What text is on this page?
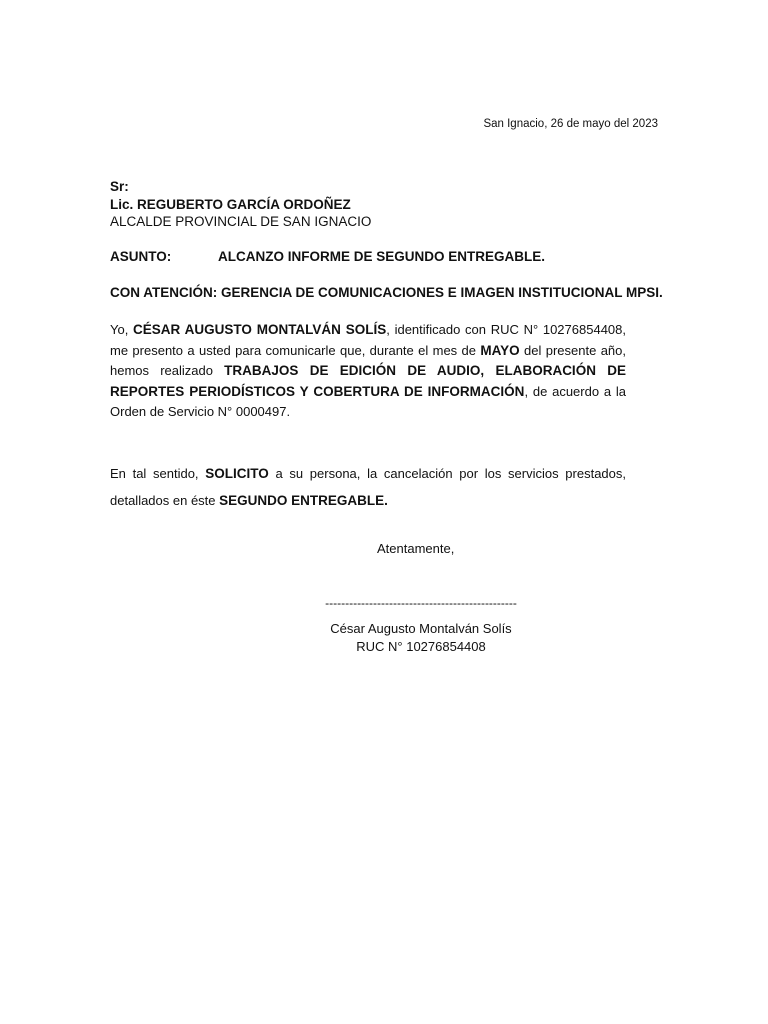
San Ignacio, 26 de mayo del 2023
Sr:
Lic. REGUBERTO GARCÍA ORDOÑEZ
ALCALDE PROVINCIAL DE SAN IGNACIO
ASUNTO:	ALCANZO INFORME DE SEGUNDO ENTREGABLE.
CON ATENCIÓN: GERENCIA DE COMUNICACIONES E IMAGEN INSTITUCIONAL MPSI.

Yo, CÉSAR AUGUSTO MONTALVÁN SOLÍS, identificado con RUC N° 10276854408, me presento a usted para comunicarle que, durante el mes de MAYO del presente año, hemos realizado TRABAJOS DE EDICIÓN DE AUDIO, ELABORACIÓN DE REPORTES PERIODÍSTICOS Y COBERTURA DE INFORMACIÓN, de acuerdo a la Orden de Servicio N° 0000497.

En tal sentido, SOLICITO a su persona, la cancelación por los servicios prestados, detallados en éste SEGUNDO ENTREGABLE.

Atentamente,
------------------------------------------------
César Augusto Montalván Solís
RUC N° 10276854408
